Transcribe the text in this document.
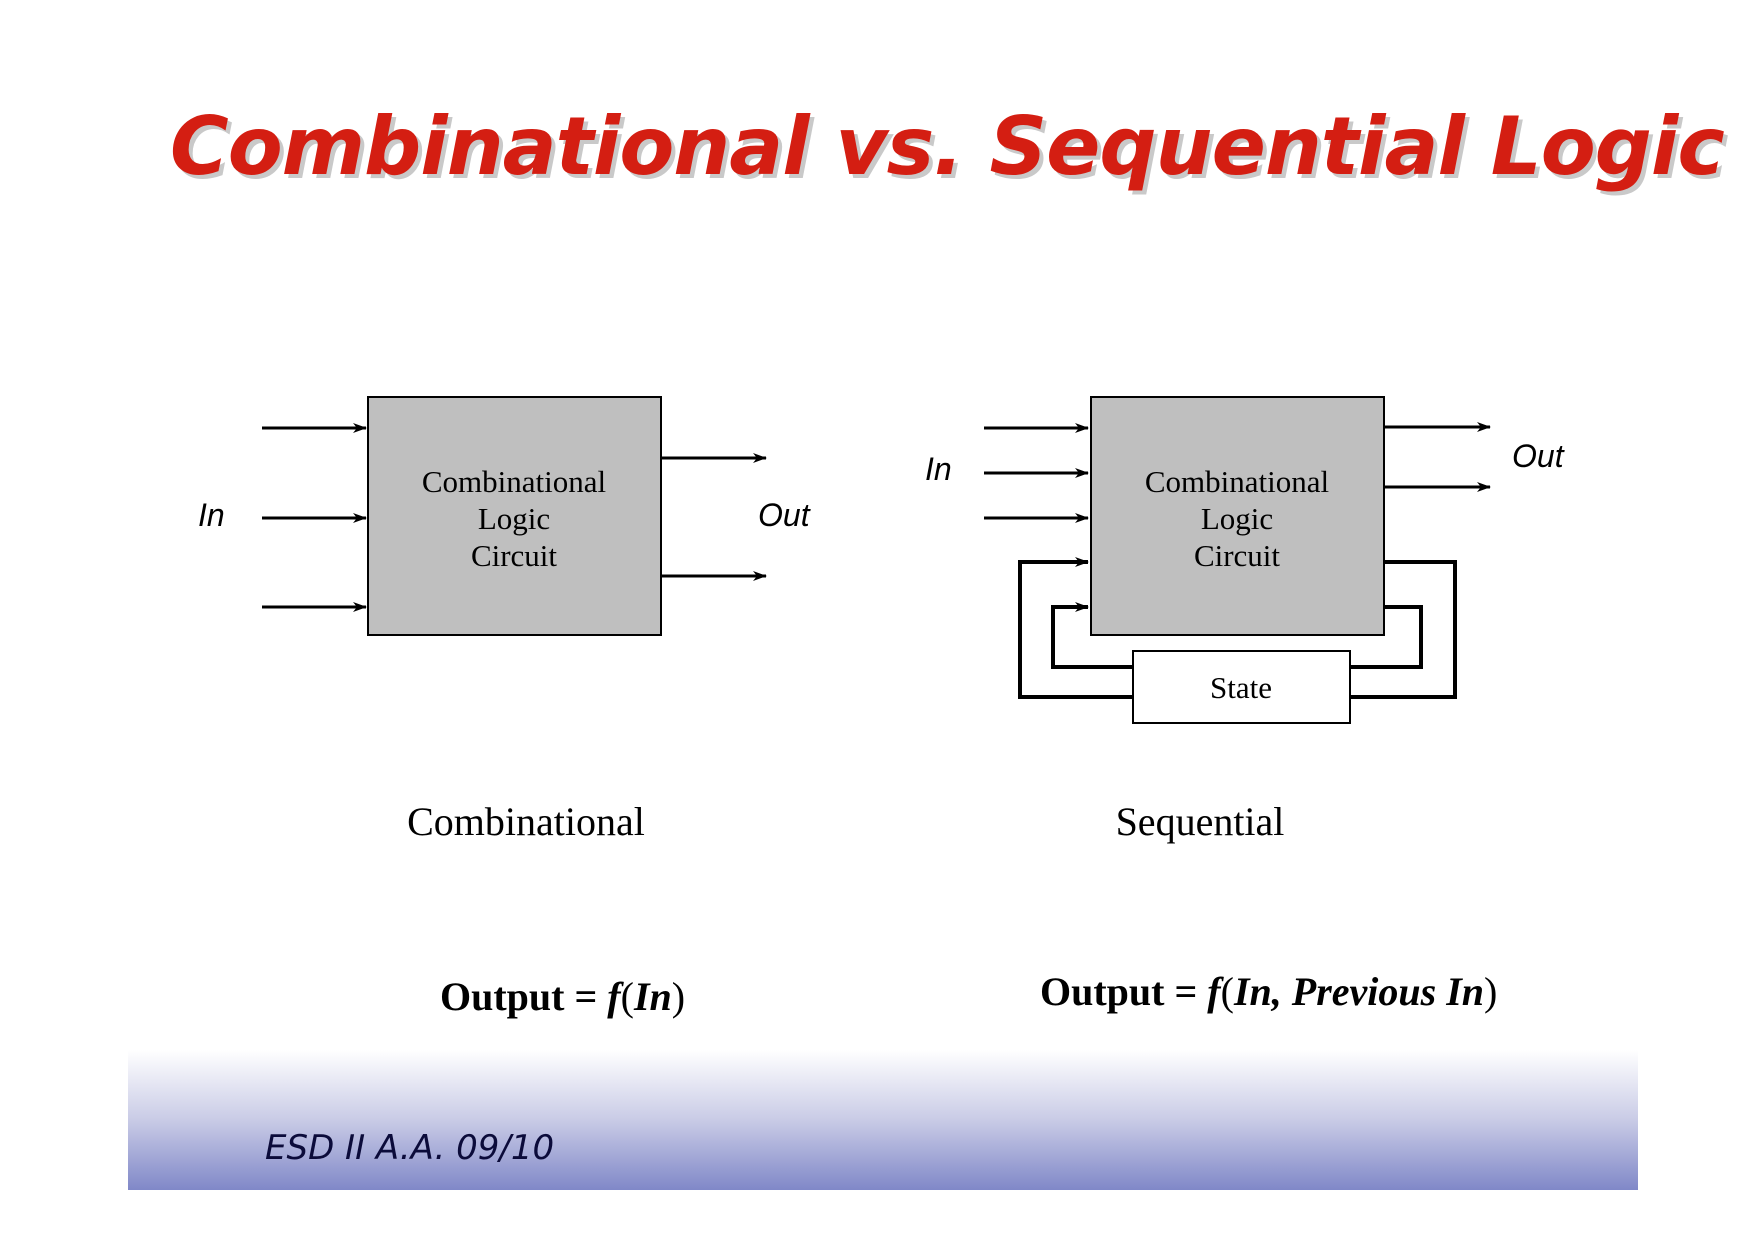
Combinational vs. Sequential Logic
Combinational
Logic
Circuit
In	Out
Combinational
Output = f(In)
Combinational
Logic
Circuit
State
In	Out
Sequential
Output = f(In, Previous In)
ESD II A.A. 09/10
